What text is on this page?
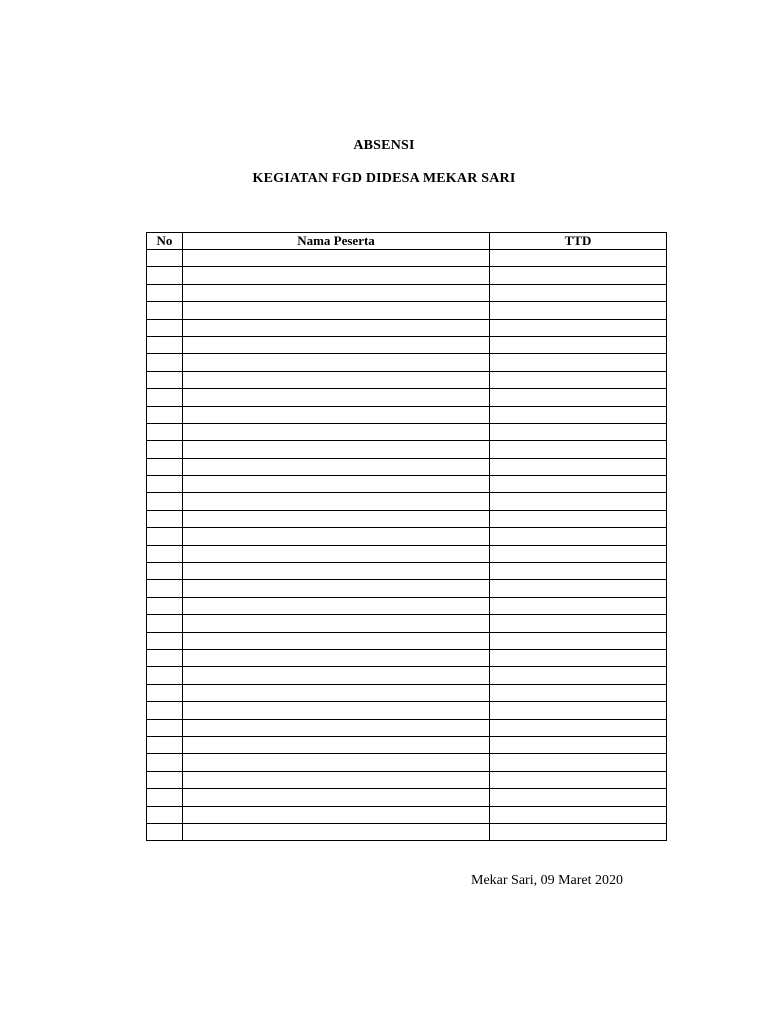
ABSENSI
KEGIATAN FGD DIDESA MEKAR SARI
No	Nama Peserta	TTD

Mekar Sari, 09 Maret 2020
